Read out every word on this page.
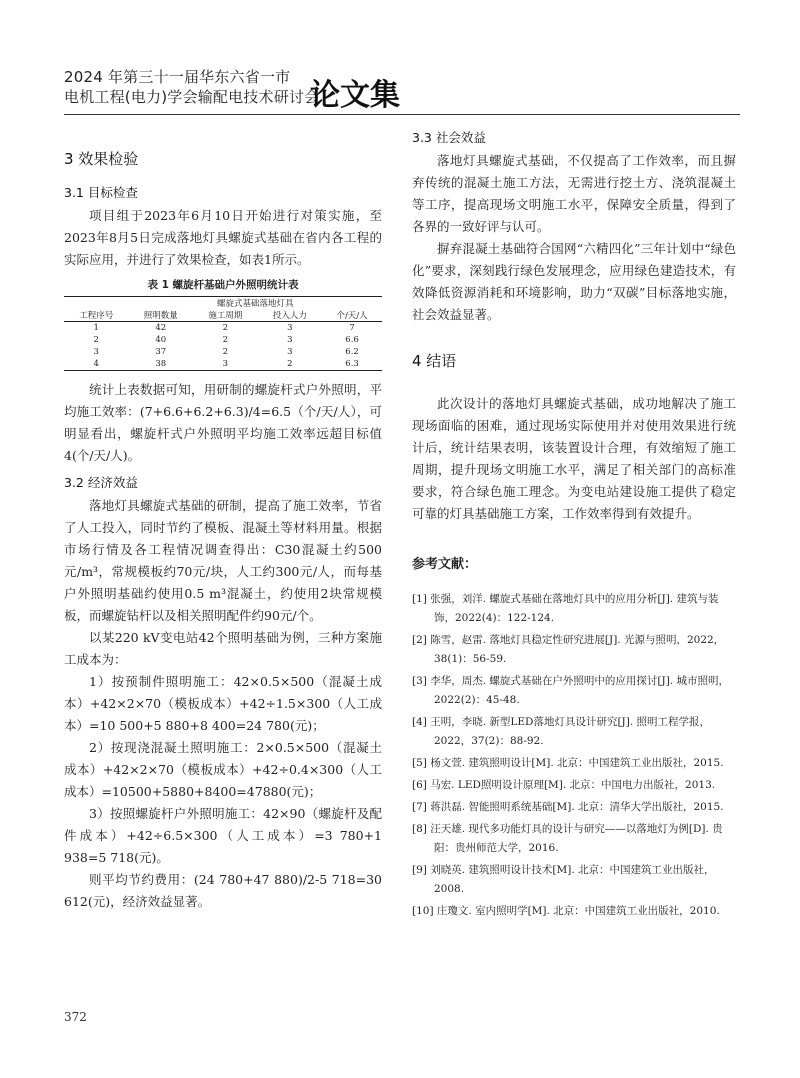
2024 年第三十一届华东六省一市
电机工程(电力)学会输配电技术研讨会
论文集
3 效果检验
3.1 目标检查

项目组于2023年6月10日开始进行对策实施，至2023年8月5日完成落地灯具螺旋式基础在省内各工程的实际应用，并进行了效果检查，如表1所示。

表 1 螺旋杆基础户外照明统计表
	螺旋式基础落地灯具			
工程序号	照明数量	施工周期	投入人力	个/天/人
1	42	2	3	7
2	40	2	3	6.6
3	37	2	3	6.2
4	38	3	2	6.3

统计上表数据可知，用研制的螺旋杆式户外照明，平均施工效率：(7+6.6+6.2+6.3)/4=6.5（个/天/人），可明显看出，螺旋杆式户外照明平均施工效率远超目标值4(个/天/人)。

3.2 经济效益

落地灯具螺旋式基础的研制，提高了施工效率，节省了人工投入，同时节约了模板、混凝土等材料用量。根据市场行情及各工程情况调查得出：C30混凝土约500元/m³，常规模板约70元/块，人工约300元/人，而每基户外照明基础约使用0.5 m³混凝土，约使用2块常规模板，而螺旋钻杆以及相关照明配件约90元/个。

以某220 kV变电站42个照明基础为例，三种方案施工成本为：

1）按预制件照明施工：42×0.5×500（混凝土成本）+42×2×70（模板成本）+42÷1.5×300（人工成本）=10 500+5 880+8 400=24 780(元)；

2）按现浇混凝土照明施工：2×0.5×500（混凝土成本）+42×2×70（模板成本）+42÷0.4×300（人工成本）=10500+5880+8400=47880(元)；

3）按照螺旋杆户外照明施工：42×90（螺旋杆及配件成本）+42÷6.5×300（人工成本）=3 780+1 938=5 718(元)。

则平均节约费用：(24 780+47 880)/2-5 718=30 612(元)，经济效益显著。

3.3 社会效益

落地灯具螺旋式基础，不仅提高了工作效率，而且摒弃传统的混凝土施工方法，无需进行挖土方、浇筑混凝土等工序，提高现场文明施工水平，保障安全质量，得到了各界的一致好评与认可。

摒弃混凝土基础符合国网“六精四化”三年计划中“绿色化”要求，深刻践行绿色发展理念，应用绿色建造技术，有效降低资源消耗和环境影响，助力“双碳”目标落地实施，社会效益显著。

4 结语

此次设计的落地灯具螺旋式基础，成功地解决了施工现场面临的困难，通过现场实际使用并对使用效果进行统计后，统计结果表明，该装置设计合理，有效缩短了施工周期，提升现场文明施工水平，满足了相关部门的高标准要求，符合绿色施工理念。为变电站建设施工提供了稳定可靠的灯具基础施工方案，工作效率得到有效提升。

参考文献：

[1] 张强，刘洋. 螺旋式基础在落地灯具中的应用分析[J]. 建筑与装饰，2022(4)：122-124.

[2] 陈雪，赵雷. 落地灯具稳定性研究进展[J]. 光源与照明，2022，38(1)：56-59.

[3] 李华，周杰. 螺旋式基础在户外照明中的应用探讨[J]. 城市照明，2022(2)：45-48.

[4] 王明，李晓. 新型LED落地灯具设计研究[J]. 照明工程学报，2022，37(2)：88-92.

[5] 杨文萱. 建筑照明设计[M]. 北京：中国建筑工业出版社，2015.

[6] 马宏. LED照明设计原理[M]. 北京：中国电力出版社，2013.

[7] 蒋洪磊. 智能照明系统基础[M]. 北京：清华大学出版社，2015.

[8] 汪天雄. 现代多功能灯具的设计与研究——以落地灯为例[D]. 贵阳：贵州师范大学，2016.

[9] 刘晓英. 建筑照明设计技术[M]. 北京：中国建筑工业出版社，2008.

[10] 庄瓊文. 室内照明学[M]. 北京：中国建筑工业出版社，2010.

372
